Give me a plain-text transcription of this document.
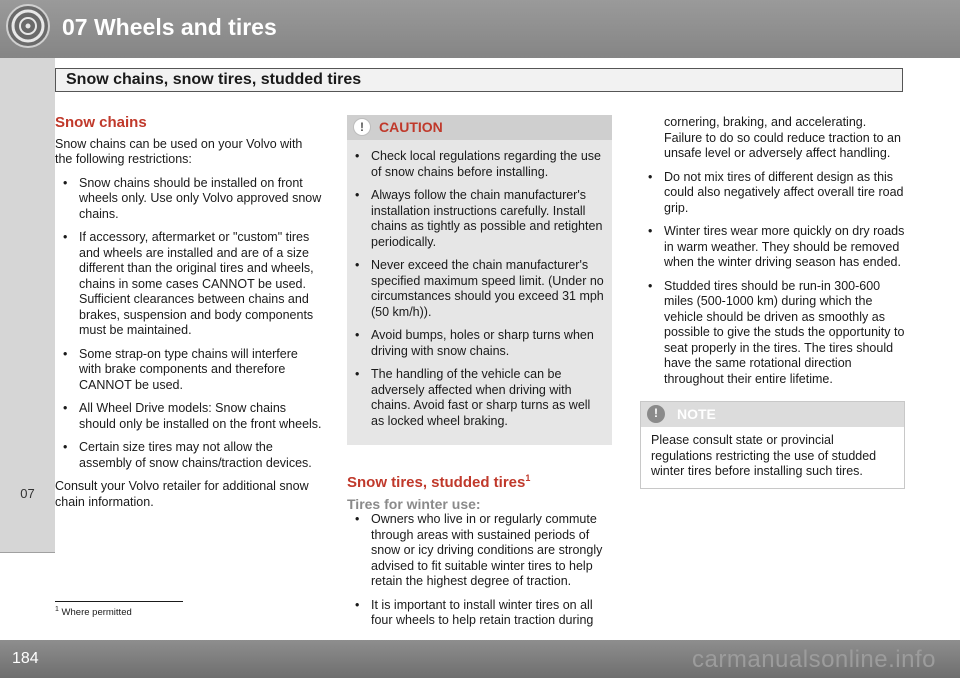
07 Wheels and tires
Snow chains, snow tires, studded tires
07
Snow chains

Snow chains can be used on your Volvo with the following restrictions:

• Snow chains should be installed on front wheels only. Use only Volvo approved snow chains.
• If accessory, aftermarket or "custom" tires and wheels are installed and are of a size different than the original tires and wheels, chains in some cases CANNOT be used. Sufficient clearances between chains and brakes, suspension and body components must be maintained.
• Some strap-on type chains will interfere with brake components and therefore CANNOT be used.
• All Wheel Drive models: Snow chains should only be installed on the front wheels.
• Certain size tires may not allow the assembly of snow chains/traction devices.

Consult your Volvo retailer for additional snow chain information.

!	CAUTION
• Check local regulations regarding the use of snow chains before installing.
• Always follow the chain manufacturer's installation instructions carefully. Install chains as tightly as possible and retighten periodically.
• Never exceed the chain manufacturer's specified maximum speed limit. (Under no circumstances should you exceed 31 mph (50 km/h)).
• Avoid bumps, holes or sharp turns when driving with snow chains.
• The handling of the vehicle can be adversely affected when driving with chains. Avoid fast or sharp turns as well as locked wheel braking.
Snow tires, studded tires$^1$

Tires for winter use:

• Owners who live in or regularly commute through areas with sustained periods of snow or icy driving conditions are strongly advised to fit suitable winter tires to help retain the highest degree of traction.
• It is important to install winter tires on all four wheels to help retain traction during
cornering, braking, and accelerating. Failure to do so could reduce traction to an unsafe level or adversely affect handling.
• Do not mix tires of different design as this could also negatively affect overall tire road grip.
• Winter tires wear more quickly on dry roads in warm weather. They should be removed when the winter driving season has ended.
• Studded tires should be run-in 300-600 miles (500-1000 km) during which the vehicle should be driven as smoothly as possible to give the studs the opportunity to seat properly in the tires. The tires should have the same rotational direction throughout their entire lifetime.
!	NOTE
Please consult state or provincial regulations restricting the use of studded winter tires before installing such tires.
$^1$ Where permitted
184	carmanualsonline.info
